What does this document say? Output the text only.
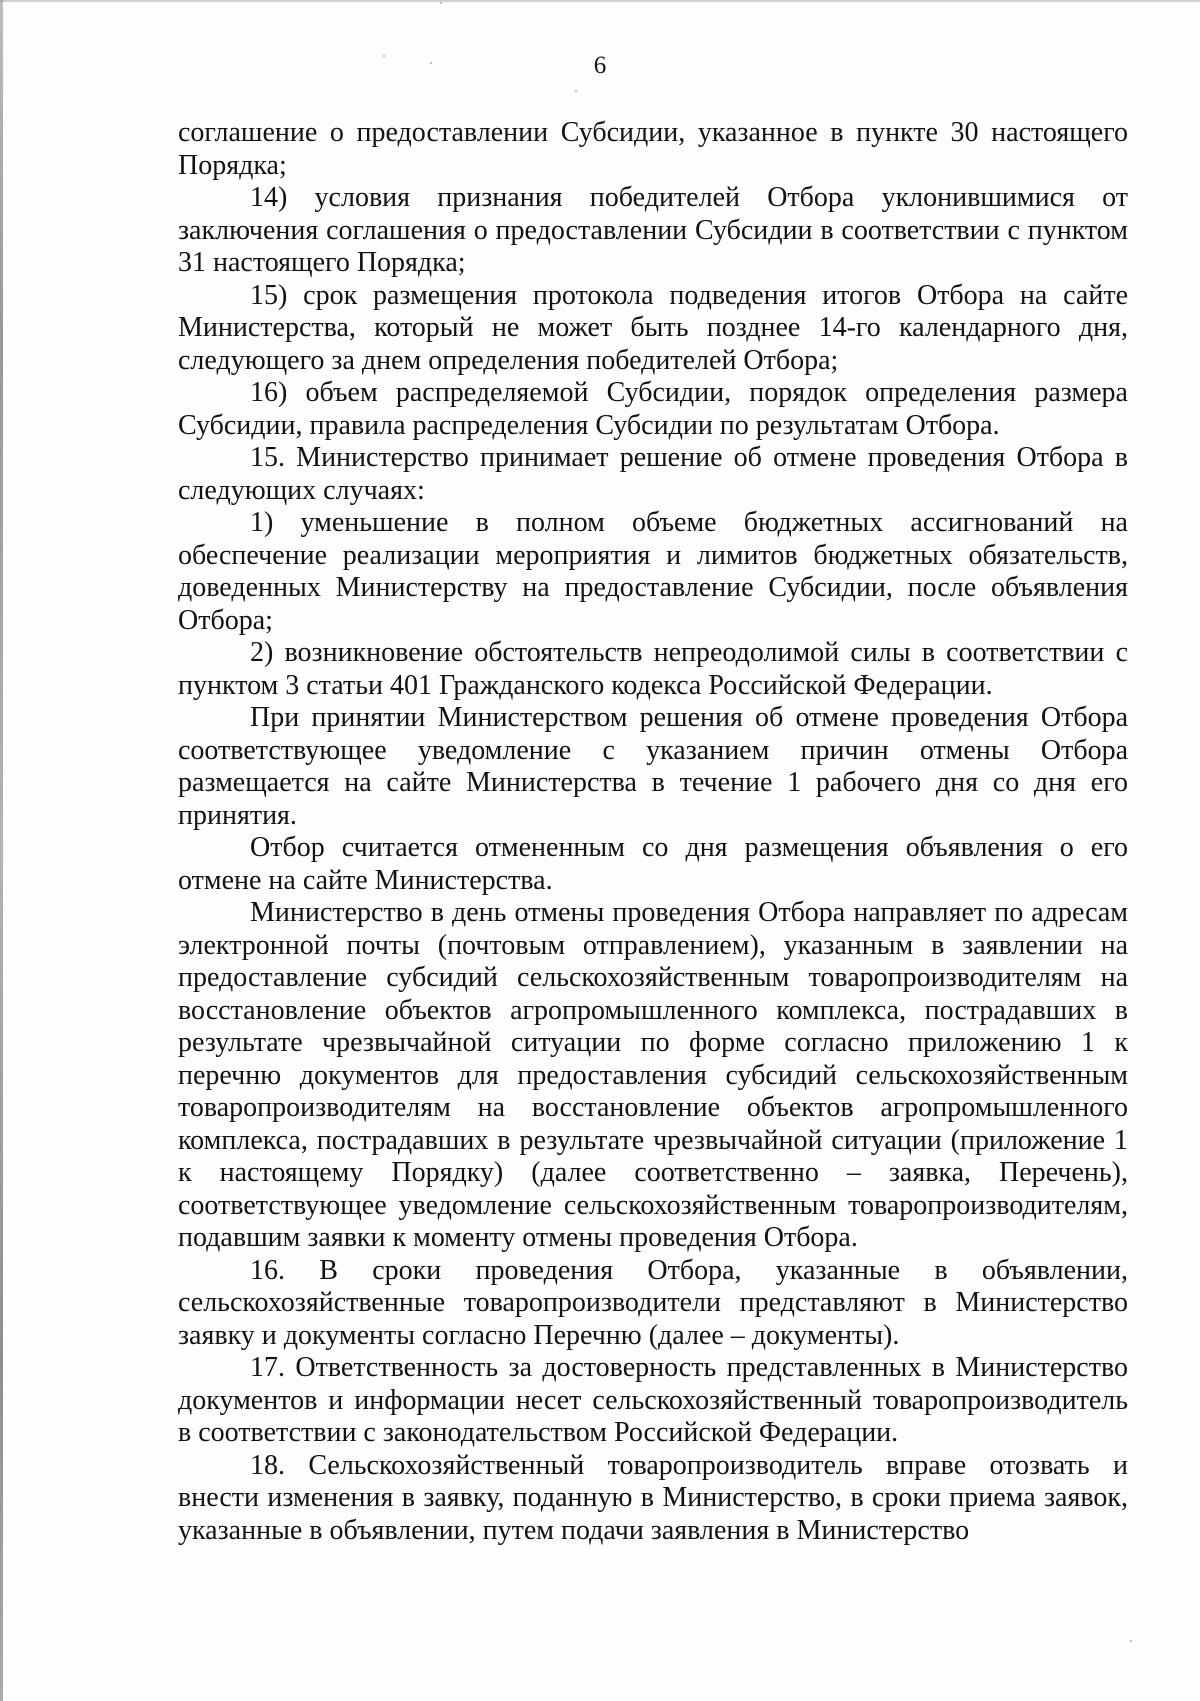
6

соглашение о предоставлении Субсидии, указанное в пункте 30 настоящего Порядка;

14) условия признания победителей Отбора уклонившимися от заключения соглашения о предоставлении Субсидии в соответствии с пунктом 31 настоящего Порядка;

15) срок размещения протокола подведения итогов Отбора на сайте Министерства, который не может быть позднее 14-го календарного дня, следующего за днем определения победителей Отбора;

16) объем распределяемой Субсидии, порядок определения размера Субсидии, правила распределения Субсидии по результатам Отбора.

15. Министерство принимает решение об отмене проведения Отбора в следующих случаях:

1) уменьшение в полном объеме бюджетных ассигнований на обеспечение реализации мероприятия и лимитов бюджетных обязательств, доведенных Министерству на предоставление Субсидии, после объявления Отбора;

2) возникновение обстоятельств непреодолимой силы в соответствии с пунктом 3 статьи 401 Гражданского кодекса Российской Федерации.

При принятии Министерством решения об отмене проведения Отбора соответствующее уведомление с указанием причин отмены Отбора размещается на сайте Министерства в течение 1 рабочего дня со дня его принятия.

Отбор считается отмененным со дня размещения объявления о его отмене на сайте Министерства.

Министерство в день отмены проведения Отбора направляет по адресам электронной почты (почтовым отправлением), указанным в заявлении на предоставление субсидий сельскохозяйственным товаропроизводителям на восстановление объектов агропромышленного комплекса, пострадавших в результате чрезвычайной ситуации по форме согласно приложению 1 к перечню документов для предоставления субсидий сельскохозяйственным товаропроизводителям на восстановление объектов агропромышленного комплекса, пострадавших в результате чрезвычайной ситуации (приложение 1 к настоящему Порядку) (далее соответственно – заявка, Перечень), соответствующее уведомление сельскохозяйственным товаропроизводителям, подавшим заявки к моменту отмены проведения Отбора.

16. В сроки проведения Отбора, указанные в объявлении, сельскохозяйственные товаропроизводители представляют в Министерство заявку и документы согласно Перечню (далее – документы).

17. Ответственность за достоверность представленных в Министерство документов и информации несет сельскохозяйственный товаропроизводитель в соответствии с законодательством Российской Федерации.

18. Сельскохозяйственный товаропроизводитель вправе отозвать и внести изменения в заявку, поданную в Министерство, в сроки приема заявок, указанные в объявлении, путем подачи заявления в Министерство
